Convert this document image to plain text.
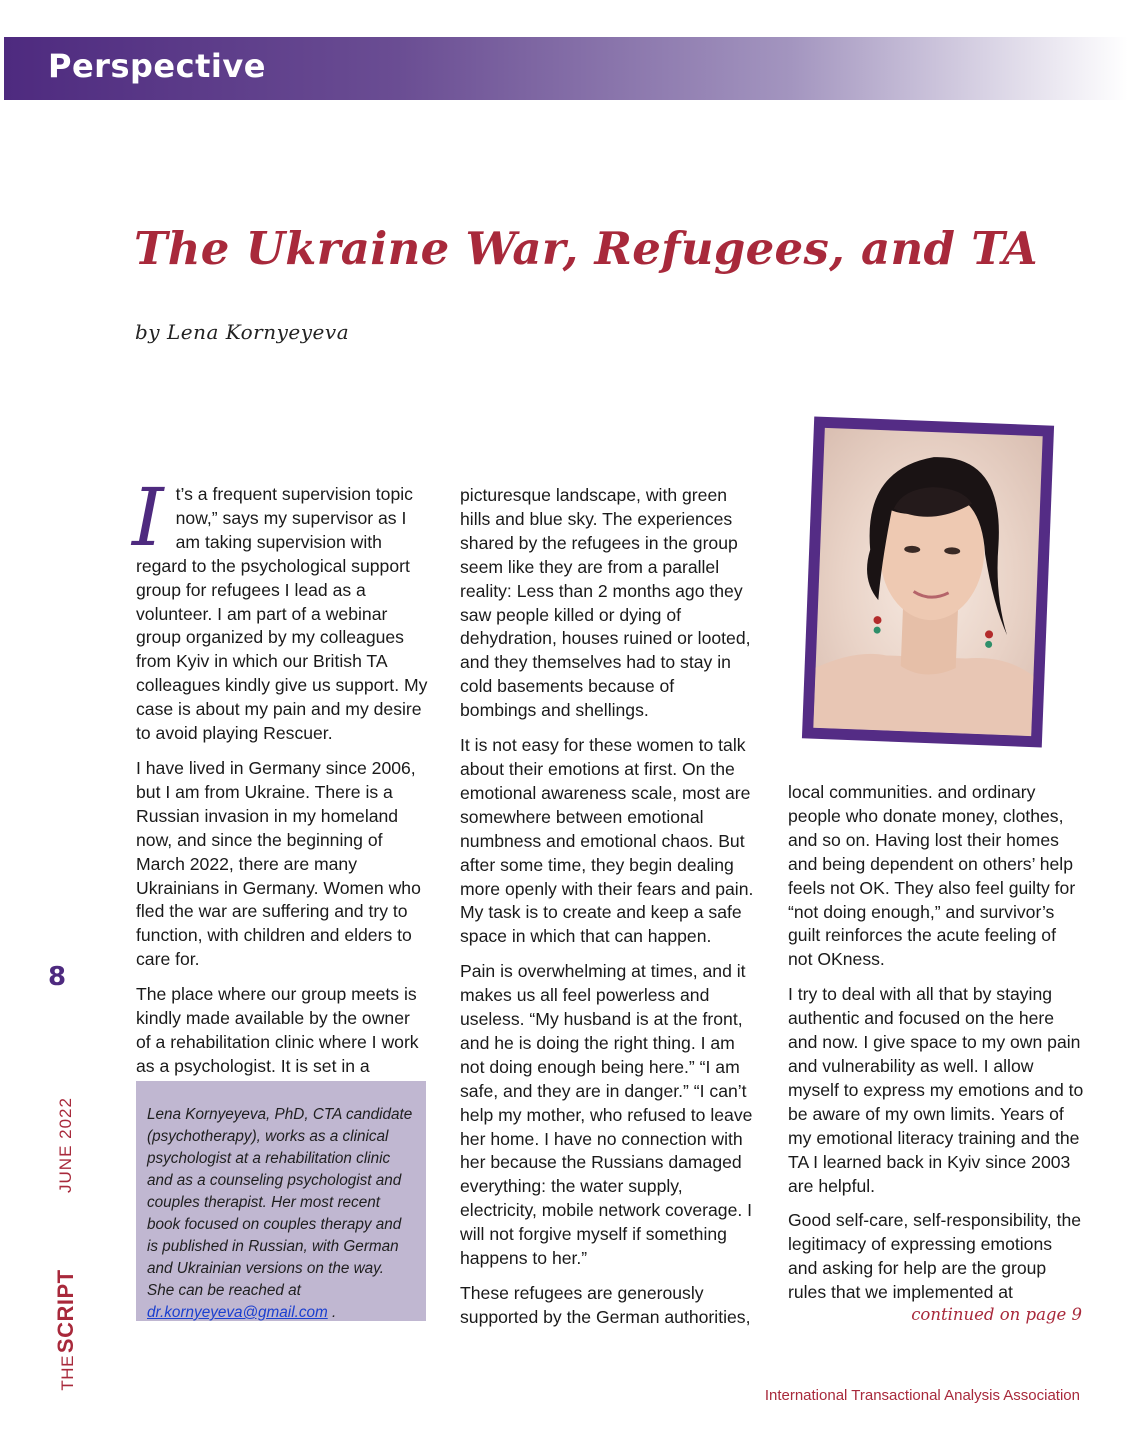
Perspective
The Ukraine War, Refugees, and TA
by Lena Kornyeyeva

It’s a frequent supervision topic now,” says my supervisor as I am taking supervision with regard to the psychological support group for refugees I lead as a volunteer. I am part of a webinar group organized by my colleagues from Kyiv in which our British TA colleagues kindly give us support. My case is about my pain and my desire to avoid playing Rescuer.

I have lived in Germany since 2006, but I am from Ukraine. There is a Russian invasion in my homeland now, and since the beginning of March 2022, there are many Ukrainians in Germany. Women who fled the war are suffering and try to function, with children and elders to care for.

The place where our group meets is kindly made available by the owner of a rehabilitation clinic where I work as a psychologist. It is set in a

picturesque landscape, with green hills and blue sky. The experiences shared by the refugees in the group seem like they are from a parallel reality: Less than 2 months ago they saw people killed or dying of dehydration, houses ruined or looted, and they themselves had to stay in cold basements because of bombings and shellings.

It is not easy for these women to talk about their emotions at first. On the emotional awareness scale, most are somewhere between emotional numbness and emotional chaos. But after some time, they begin dealing more openly with their fears and pain. My task is to create and keep a safe space in which that can happen.

Pain is overwhelming at times, and it makes us all feel powerless and useless. “My husband is at the front, and he is doing the right thing. I am not doing enough being here.” “I am safe, and they are in danger.” “I can’t help my mother, who refused to leave her home. I have no connection with her because the Russians damaged everything: the water supply, electricity, mobile network coverage. I will not forgive myself if something happens to her.”

These refugees are generously supported by the German authorities,

local communities. and ordinary people who donate money, clothes, and so on. Having lost their homes and being dependent on others’ help feels not OK. They also feel guilty for “not doing enough,” and survivor’s guilt reinforces the acute feeling of not OKness.

I try to deal with all that by staying authentic and focused on the here and now. I give space to my own pain and vulnerability as well. I allow myself to express my emotions and to be aware of my own limits. Years of my emotional literacy training and the TA I learned back in Kyiv since 2003 are helpful.

Good self-care, self-responsibility, the legitimacy of expressing emotions and asking for help are the group rules that we implemented at

continued on page 9
Lena Kornyeyeva, PhD, CTA candidate (psychotherapy), works as a clinical psychologist at a rehabilitation clinic and as a counseling psychologist and couples therapist. Her most recent book focused on couples therapy and is published in Russian, with German and Ukrainian versions on the way. She can be reached at dr.kornyeyeva@gmail.com .
8
JUNE 2022
THESCRIPT
International Transactional Analysis Association
